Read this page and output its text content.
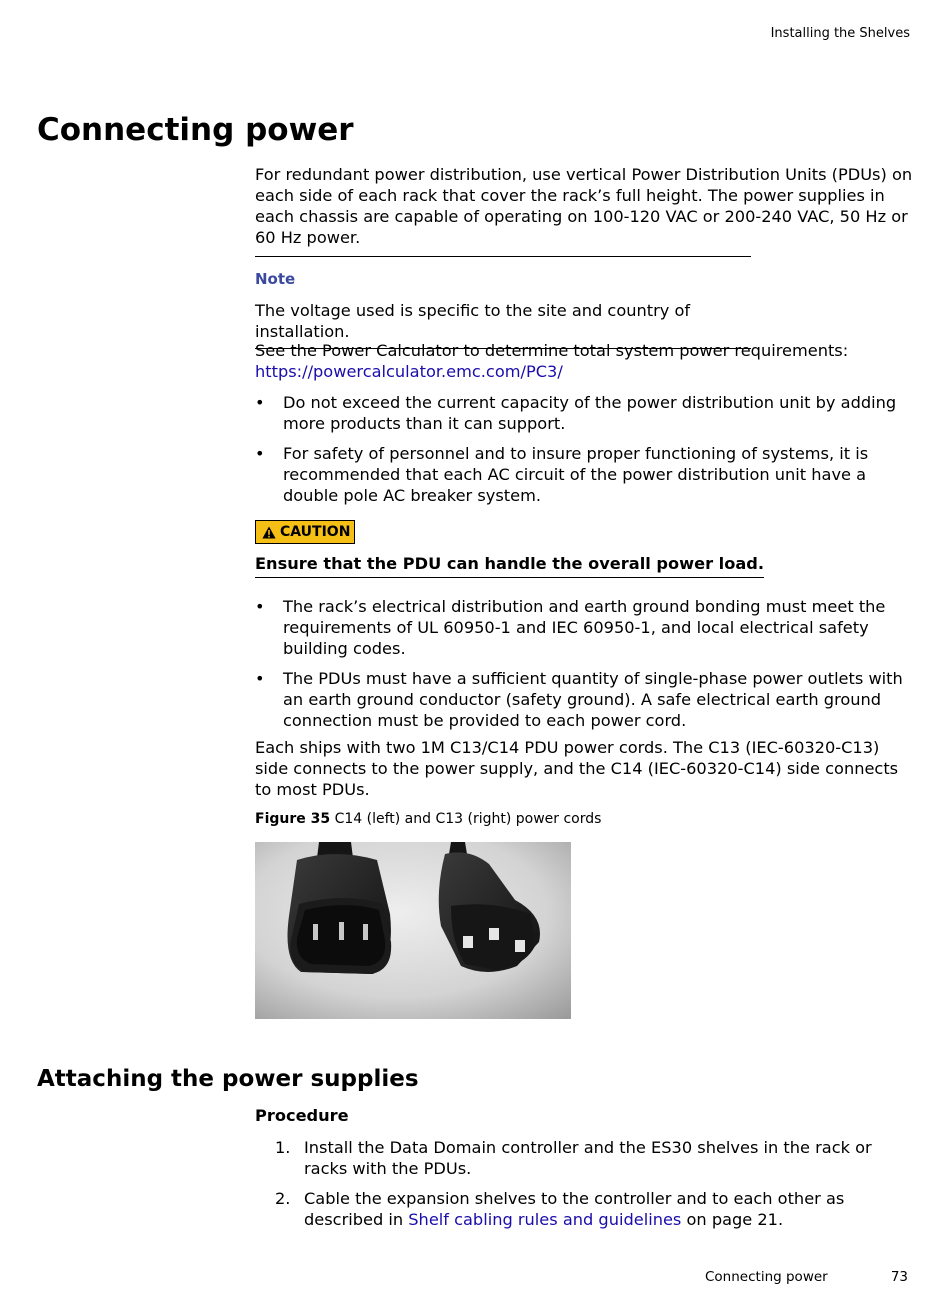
Installing the Shelves
Connecting power

For redundant power distribution, use vertical Power Distribution Units (PDUs) on each side of each rack that cover the rack’s full height. The power supplies in each chassis are capable of operating on 100-120 VAC or 200-240 VAC, 50 Hz or 60 Hz power.

Note
The voltage used is specific to the site and country of installation.

See the Power Calculator to determine total system power requirements: https://powercalculator.emc.com/PC3/

• Do not exceed the current capacity of the power distribution unit by adding more products than it can support.
• For safety of personnel and to insure proper functioning of systems, it is recommended that each AC circuit of the power distribution unit have a double pole AC breaker system.
CAUTION
Ensure that the PDU can handle the overall power load.
• The rack’s electrical distribution and earth ground bonding must meet the requirements of UL 60950-1 and IEC 60950-1, and local electrical safety building codes.
• The PDUs must have a sufficient quantity of single-phase power outlets with an earth ground conductor (safety ground). A safe electrical earth ground connection must be provided to each power cord.

Each ships with two 1M C13/C14 PDU power cords. The C13 (IEC-60320-C13) side connects to the power supply, and the C14 (IEC-60320-C14) side connects to most PDUs.

Figure 35 C14 (left) and C13 (right) power cords
Attaching the power supplies
Procedure
1. Install the Data Domain controller and the ES30 shelves in the rack or racks with the PDUs.
2. Cable the expansion shelves to the controller and to each other as described in Shelf cabling rules and guidelines on page 21.
Connecting power	73
